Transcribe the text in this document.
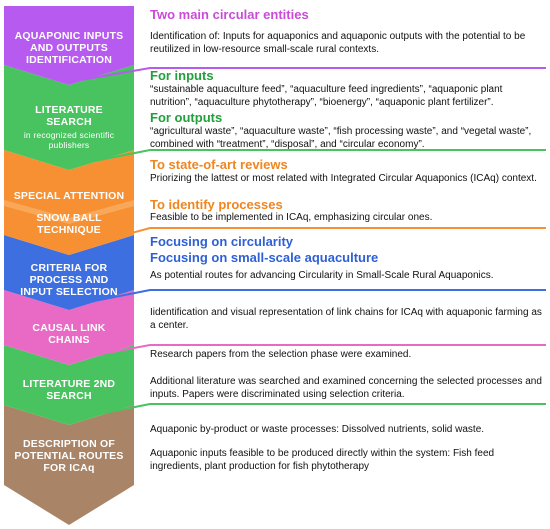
AQUAPONIC INPUTS AND OUTPUTS IDENTIFICATION
LITERATURE SEARCH
in recognized scientific publishers
SPECIAL ATTENTION
SNOW BALL TECHNIQUE
CRITERIA FOR PROCESS AND INPUT SELECTION
CAUSAL LINK CHAINS
LITERATURE 2ND SEARCH
DESCRIPTION OF POTENTIAL ROUTES FOR ICAq
Two main circular entities
For inputs
For outputs
To state-of-art reviews
To identify processes
Focusing on circularity
Focusing on small-scale aquaculture
Identification of: Inputs for aquaponics and aquaponic outputs with the potential to be reutilized in low-resource small-scale rural contexts.
“sustainable aquaculture feed”, “aquaculture feed ingredients”, “aquaponic plant nutrition”, “aquaculture phytotherapy”, “bioenergy”, “aquaponic plant fertilizer”.
“agricultural waste”, “aquaculture waste”, “fish processing waste”, and “vegetal waste”, combined with “treatment”, “disposal”, and “circular economy”.
Priorizing the lattest or most related with Integrated Circular Aquaponics (ICAq) context.
Feasible to be implemented in ICAq, emphasizing circular ones.
As potential routes for advancing Circularity in Small-Scale Rural Aquaponics.
Iidentification and visual representation of link chains for ICAq with aquaponic farming as a center.
Research papers from the selection phase were examined.
Additional literature was searched and examined concerning the selected processes and inputs. Papers were discriminated using selection criteria.
Aquaponic by-product or waste processes: Dissolved nutrients, solid waste.
Aquaponic inputs feasible to be produced directly within the system: Fish feed ingredients, plant production for fish phytotherapy
